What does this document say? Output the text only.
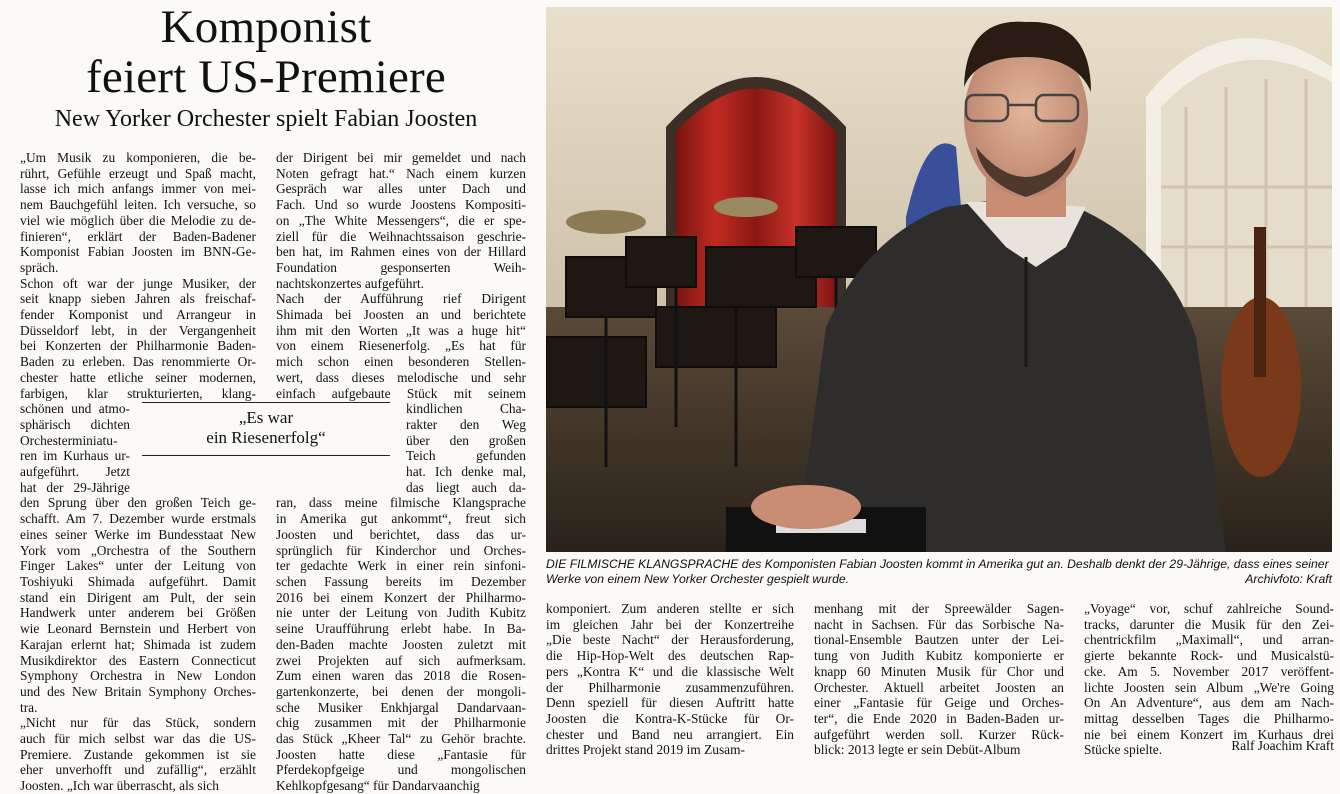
Komponist
feiert US-Premiere
New Yorker Orchester spielt Fabian Joosten
„Um Musik zu komponieren, die be-
rührt, Gefühle erzeugt und Spaß macht,
lasse ich mich anfangs immer von mei-
nem Bauchgefühl leiten. Ich versuche, so
viel wie möglich über die Melodie zu de-
finieren“, erklärt der Baden-Badener
Komponist Fabian Joosten im BNN-Ge-
spräch.
Schon oft war der junge Musiker, der
seit knapp sieben Jahren als freischaf-
fender Komponist und Arrangeur in
Düsseldorf lebt, in der Vergangenheit
bei Konzerten der Philharmonie Baden-
Baden zu erleben. Das renommierte Or-
chester hatte etliche seiner modernen,
farbigen, klar strukturierten, klang-
schönen und atmo-
sphärisch dichten
Orchesterminiatu-
ren im Kurhaus ur-
aufgeführt. Jetzt
hat der 29-Jährige
den Sprung über den großen Teich ge-
schafft. Am 7. Dezember wurde erstmals
eines seiner Werke im Bundesstaat New
York vom „Orchestra of the Southern
Finger Lakes“ unter der Leitung von
Toshiyuki Shimada aufgeführt. Damit
stand ein Dirigent am Pult, der sein
Handwerk unter anderem bei Größen
wie Leonard Bernstein und Herbert von
Karajan erlernt hat; Shimada ist zudem
Musikdirektor des Eastern Connecticut
Symphony Orchestra in New London
und des New Britain Symphony Orches-
tra.
„Nicht nur für das Stück, sondern
auch für mich selbst war das die US-
Premiere. Zustande gekommen ist sie
eher unverhofft und zufällig“, erzählt
Joosten. „Ich war überrascht, als sich
der Dirigent bei mir gemeldet und nach
Noten gefragt hat.“ Nach einem kurzen
Gespräch war alles unter Dach und
Fach. Und so wurde Joostens Kompositi-
on „The White Messengers“, die er spe-
ziell für die Weihnachtssaison geschrie-
ben hat, im Rahmen eines von der Hillard
Foundation gesponserten Weih-
nachtskonzertes aufgeführt.
Nach der Aufführung rief Dirigent
Shimada bei Joosten an und berichtete
ihm mit den Worten „It was a huge hit“
von einem Riesenerfolg. „Es hat für
mich schon einen besonderen Stellen-
wert, dass dieses melodische und sehr
einfach aufgebaute Stück mit seinem
kindlichen Cha-
rakter den Weg
über den großen
Teich gefunden
hat. Ich denke mal,
das liegt auch da-
ran, dass meine filmische Klangsprache
in Amerika gut ankommt“, freut sich
Joosten und berichtet, dass das ur-
sprünglich für Kinderchor und Orches-
ter gedachte Werk in einer rein sinfoni-
schen Fassung bereits im Dezember
2016 bei einem Konzert der Philharmo-
nie unter der Leitung von Judith Kubitz
seine Uraufführung erlebt habe. In Ba-
den-Baden machte Joosten zuletzt mit
zwei Projekten auf sich aufmerksam.
Zum einen waren das 2018 die Rosen-
gartenkonzerte, bei denen der mongoli-
sche Musiker Enkhjargal Dandarvaan-
chig zusammen mit der Philharmonie
das Stück „Kheer Tal“ zu Gehör brachte.
Joosten hatte diese „Fantasie für
Pferdekopfgeige und mongolischen
Kehlkopfgesang“ für Dandarvaanchig
„Es war
ein Riesenerfolg“
DIE FILMISCHE KLANGSPRACHE des Komponisten Fabian Joosten kommt in Amerika gut an. Deshalb denkt der 29-Jährige, dass eines seiner Werke von einem New Yorker Orchester gespielt wurde.	Archivfoto: Kraft
komponiert. Zum anderen stellte er sich
im gleichen Jahr bei der Konzertreihe
„Die beste Nacht“ der Herausforderung,
die Hip-Hop-Welt des deutschen Rap-
pers „Kontra K“ und die klassische Welt
der Philharmonie zusammenzuführen.
Denn speziell für diesen Auftritt hatte
Joosten die Kontra-K-Stücke für Or-
chester und Band neu arrangiert. Ein
drittes Projekt stand 2019 im Zusam-
menhang mit der Spreewälder Sagen-
nacht in Sachsen. Für das Sorbische Na-
tional-Ensemble Bautzen unter der Lei-
tung von Judith Kubitz komponierte er
knapp 60 Minuten Musik für Chor und
Orchester. Aktuell arbeitet Joosten an
einer „Fantasie für Geige und Orches-
ter“, die Ende 2020 in Baden-Baden ur-
aufgeführt werden soll. Kurzer Rück-
blick: 2013 legte er sein Debüt-Album
„Voyage“ vor, schuf zahlreiche Sound-
tracks, darunter die Musik für den Zei-
chentrickfilm „Maximall“, und arran-
gierte bekannte Rock- und Musicalstü-
cke. Am 5. November 2017 veröffent-
lichte Joosten sein Album „We're Going
On An Adventure“, aus dem am Nach-
mittag desselben Tages die Philharmo-
nie bei einem Konzert im Kurhaus drei
Stücke spielte.	Ralf Joachim Kraft
